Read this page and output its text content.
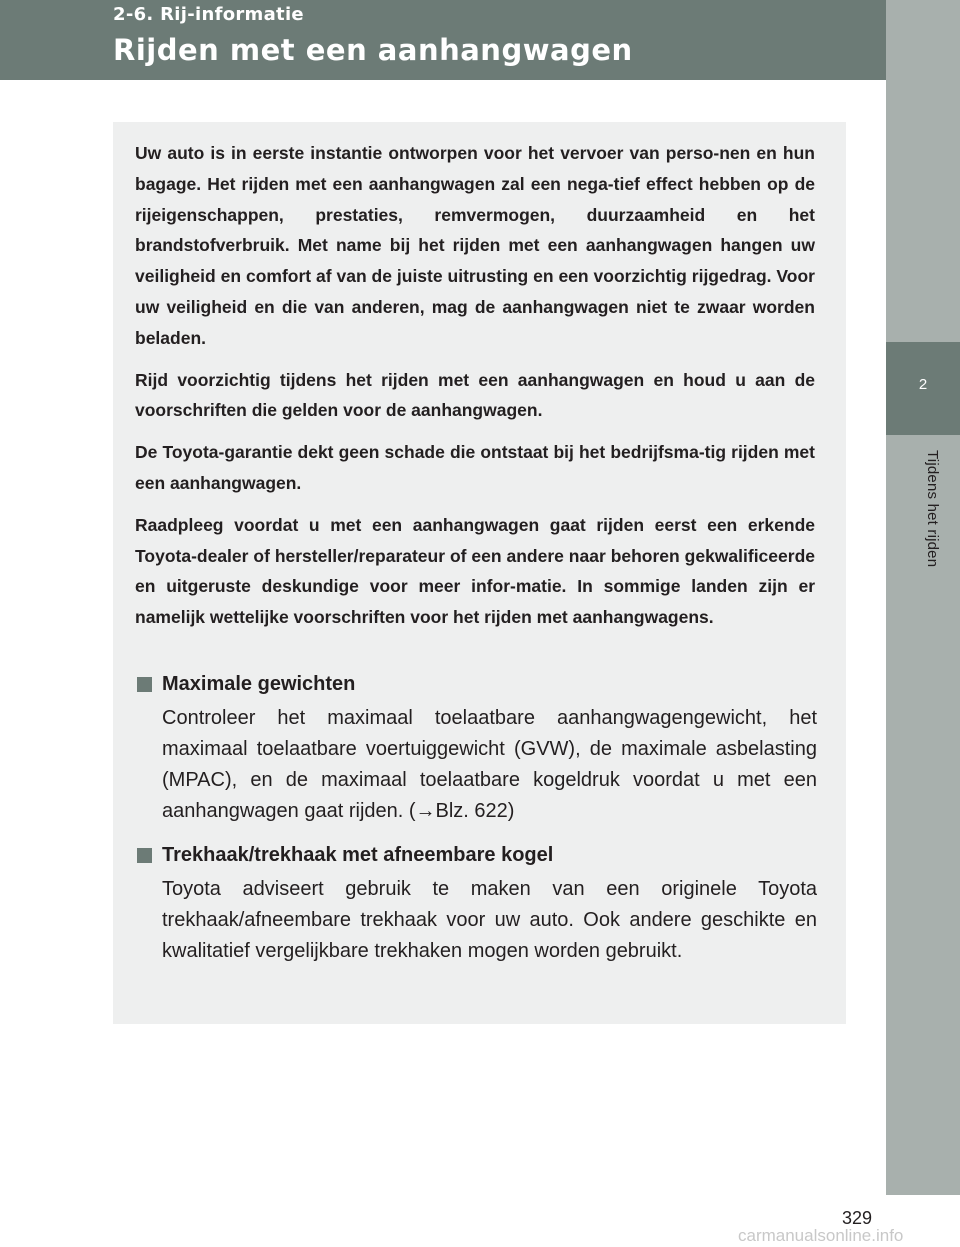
2-6. Rij-informatie
Rijden met een aanhangwagen
2
Tijdens het rijden

Uw auto is in eerste instantie ontworpen voor het vervoer van perso-nen en hun bagage. Het rijden met een aanhangwagen zal een nega-tief effect hebben op de rijeigenschappen, prestaties, remvermogen, duurzaamheid en het brandstofverbruik. Met name bij het rijden met een aanhangwagen hangen uw veiligheid en comfort af van de juiste uitrusting en een voorzichtig rijgedrag. Voor uw veiligheid en die van anderen, mag de aanhangwagen niet te zwaar worden beladen.

Rijd voorzichtig tijdens het rijden met een aanhangwagen en houd u aan de voorschriften die gelden voor de aanhangwagen.

De Toyota-garantie dekt geen schade die ontstaat bij het bedrijfsma-tig rijden met een aanhangwagen.

Raadpleeg voordat u met een aanhangwagen gaat rijden eerst een erkende Toyota-dealer of hersteller/reparateur of een andere naar behoren gekwalificeerde en uitgeruste deskundige voor meer infor-matie. In sommige landen zijn er namelijk wettelijke voorschriften voor het rijden met aanhangwagens.

Maximale gewichten
Controleer het maximaal toelaatbare aanhangwagengewicht, het maximaal toelaatbare voertuiggewicht (GVW), de maximale asbelasting (MPAC), en de maximaal toelaatbare kogeldruk voordat u met een aanhangwagen gaat rijden. (→Blz. 622)
Trekhaak/trekhaak met afneembare kogel
Toyota adviseert gebruik te maken van een originele Toyota trekhaak/afneembare trekhaak voor uw auto. Ook andere geschikte en kwalitatief vergelijkbare trekhaken mogen worden gebruikt.
329
carmanualsonline.info
